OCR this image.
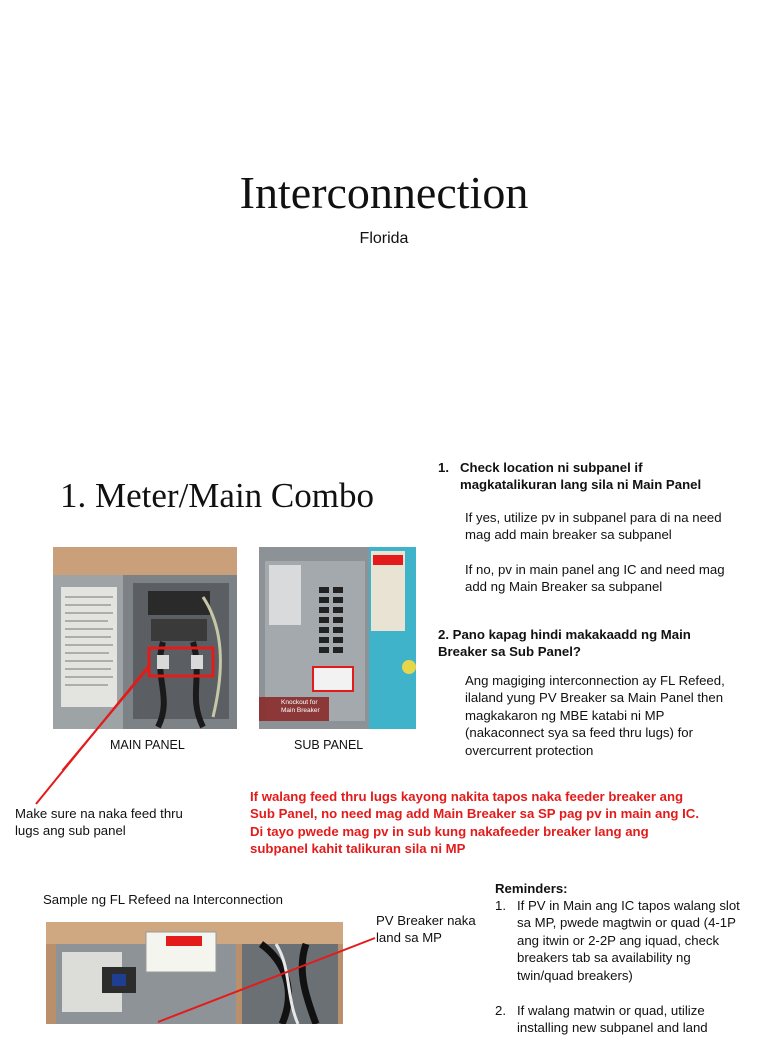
Interconnection
Florida
1. Meter/Main Combo
MAIN PANEL
Knockout for Main Breaker
SUB PANEL
Make sure na naka feed thru lugs ang sub panel
1. Check location ni subpanel if magkatalikuran lang sila ni Main Panel
If yes, utilize pv in subpanel para di na need mag add main breaker sa subpanel
If no, pv in main panel ang IC and need mag add ng Main Breaker sa subpanel
2. Pano kapag hindi makakaadd ng Main Breaker sa Sub Panel?
Ang magiging interconnection ay FL Refeed, ilaland yung PV Breaker sa Main Panel then magkakaron ng MBE katabi ni MP (nakaconnect sya sa feed thru lugs) for overcurrent protection
If walang feed thru lugs kayong nakita tapos naka feeder breaker ang Sub Panel, no need mag add Main Breaker sa SP pag pv in main ang IC. Di tayo pwede mag pv in sub kung nakafeeder breaker lang ang subpanel kahit talikuran sila ni MP
Sample ng FL Refeed na Interconnection
PV Breaker naka land sa MP
Reminders:
1. If PV in Main ang IC tapos walang slot sa MP, pwede magtwin or quad (4-1P ang itwin or 2-2P ang iquad, check breakers tab sa availability ng twin/quad breakers)
2. If walang matwin or quad, utilize installing new subpanel and land
